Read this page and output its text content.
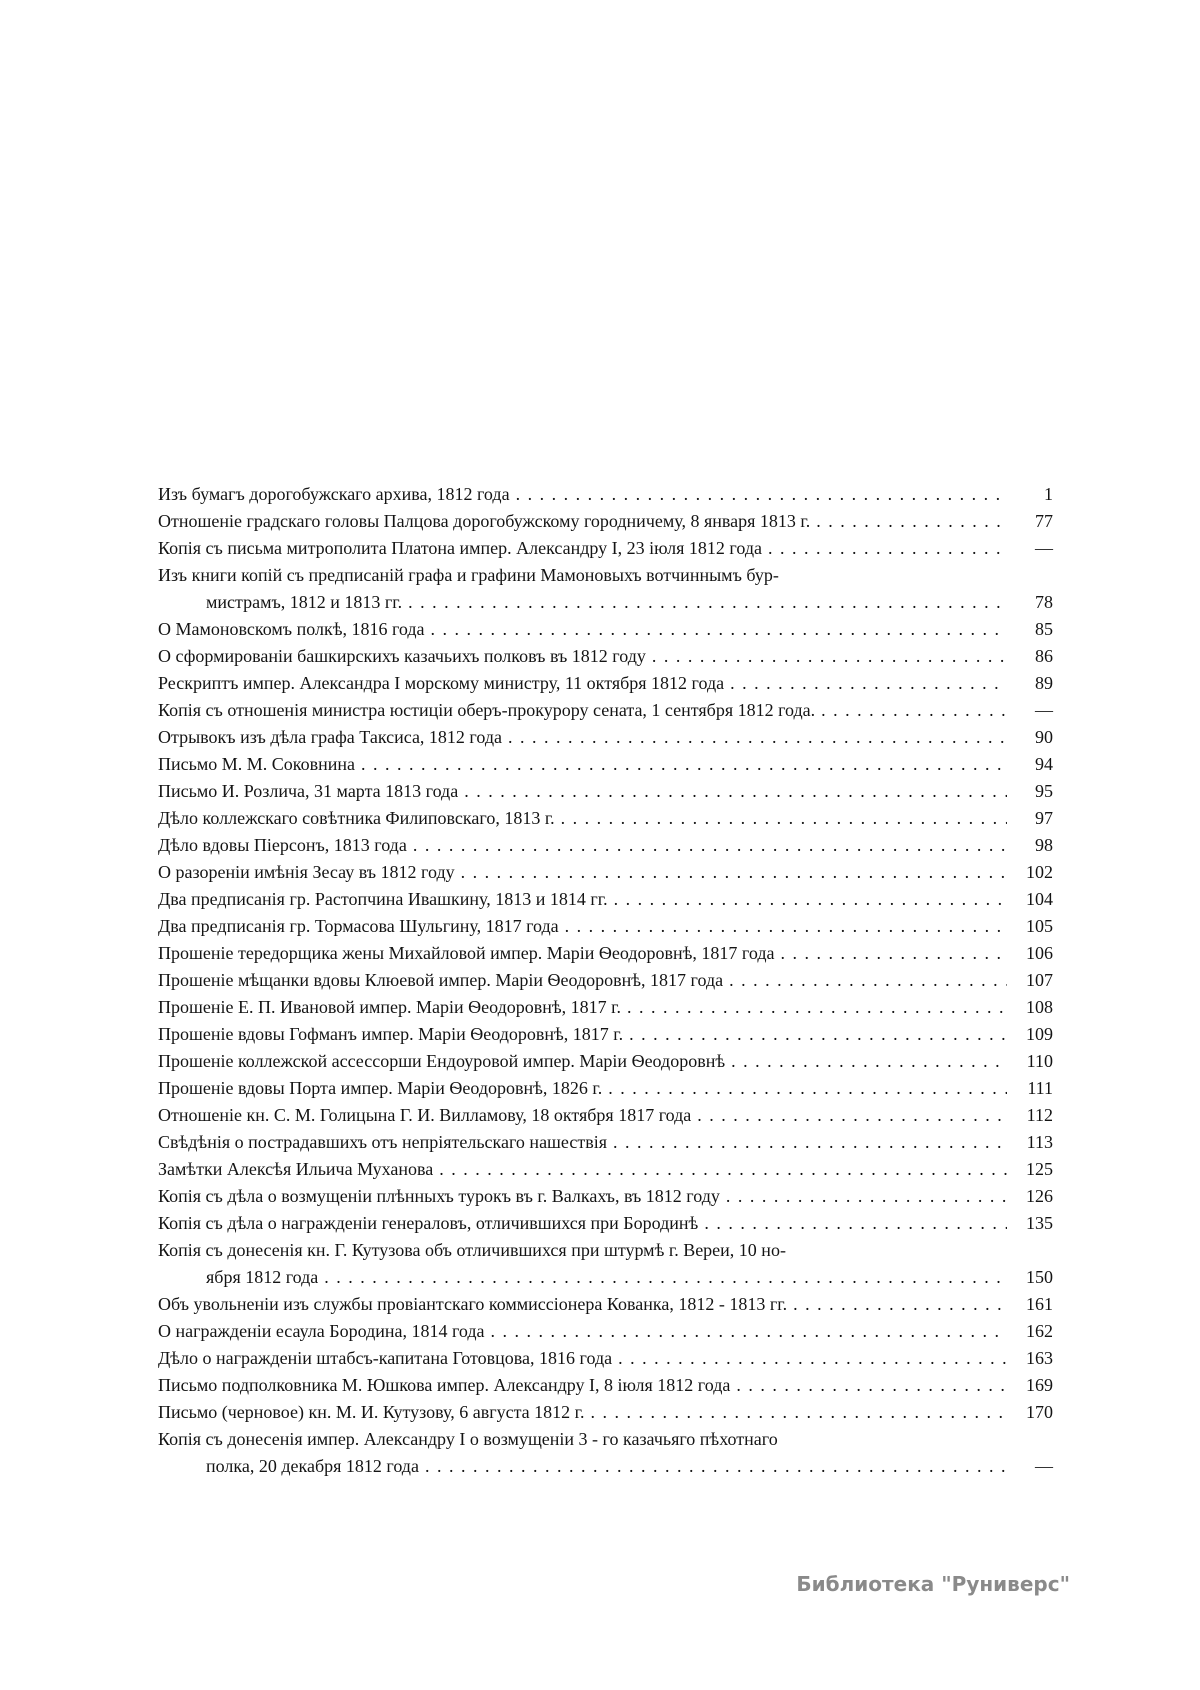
Изъ бумагъ дорогобужскаго архива, 1812 года . . .	1
Отношеніе градскаго головы Палцова дорогобужскому городничему, 8 января 1813 г. . . .	77
Копія съ письма митрополита Платона импер. Александру I, 23 іюля 1812 года . . .	—
Изъ книги копій съ предписаній графа и графини Мамоновыхъ вотчиннымъ бур-
мистрамъ, 1812 и 1813 гг. . . .	78
О Мамоновскомъ полкѣ, 1816 года . . .	85
О сформированіи башкирскихъ казачьихъ полковъ въ 1812 году . . .	86
Рескриптъ импер. Александра I морскому министру, 11 октября 1812 года . . .	89
Копія съ отношенія министра юстиціи оберъ-прокурору сената, 1 сентября 1812 года. . . .	—
Отрывокъ изъ дѣла графа Таксиса, 1812 года . . .	90
Письмо М. М. Соковнина . . .	94
Письмо И. Розлича, 31 марта 1813 года . . .	95
Дѣло коллежскаго совѣтника Филиповскаго, 1813 г. . . .	97
Дѣло вдовы Піерсонъ, 1813 года . . .	98
О разореніи имѣнія Зесау въ 1812 году . . .	102
Два предписанія гр. Растопчина Ивашкину, 1813 и 1814 гг. . . .	104
Два предписанія гр. Тормасова Шульгину, 1817 года . . .	105
Прошеніе тередорщика жены Михайловой импер. Маріи Ѳеодоровнѣ, 1817 года . . .	106
Прошеніе мѣщанки вдовы Клюевой импер. Маріи Ѳеодоровнѣ, 1817 года . . .	107
Прошеніе Е. П. Ивановой импер. Маріи Ѳеодоровнѣ, 1817 г. . . .	108
Прошеніе вдовы Гофманъ импер. Маріи Ѳеодоровнѣ, 1817 г. . . .	109
Прошеніе коллежской ассессорши Ендоуровой импер. Маріи Ѳеодоровнѣ . . .	110
Прошеніе вдовы Порта импер. Маріи Ѳеодоровнѣ, 1826 г. . . .	111
Отношеніе кн. С. М. Голицына Г. И. Вилламову, 18 октября 1817 года . . .	112
Свѣдѣнія о пострадавшихъ отъ непріятельскаго нашествія . . .	113
Замѣтки Алексѣя Ильича Муханова . . .	125
Копія съ дѣла о возмущеніи плѣнныхъ турокъ въ г. Валкахъ, въ 1812 году . . .	126
Копія съ дѣла о награжденіи генераловъ, отличившихся при Бородинѣ . . .	135
Копія съ донесенія кн. Г. Кутузова объ отличившихся при штурмѣ г. Вереи, 10 но-
ября 1812 года . . .	150
Объ увольненіи изъ службы провіантскаго коммиссіонера Кованка, 1812 - 1813 гг. . . .	161
О награжденіи есаула Бородина, 1814 года . . .	162
Дѣло о награжденіи штабсъ-капитана Готовцова, 1816 года . . .	163
Письмо подполковника М. Юшкова импер. Александру I, 8 іюля 1812 года . . .	169
Письмо (черновое) кн. М. И. Кутузову, 6 августа 1812 г. . . .	170
Копія съ донесенія импер. Александру I о возмущеніи 3 - го казачьяго пѣхотнаго
полка, 20 декабря 1812 года . . .	—
Библиотека "Руниверс"
